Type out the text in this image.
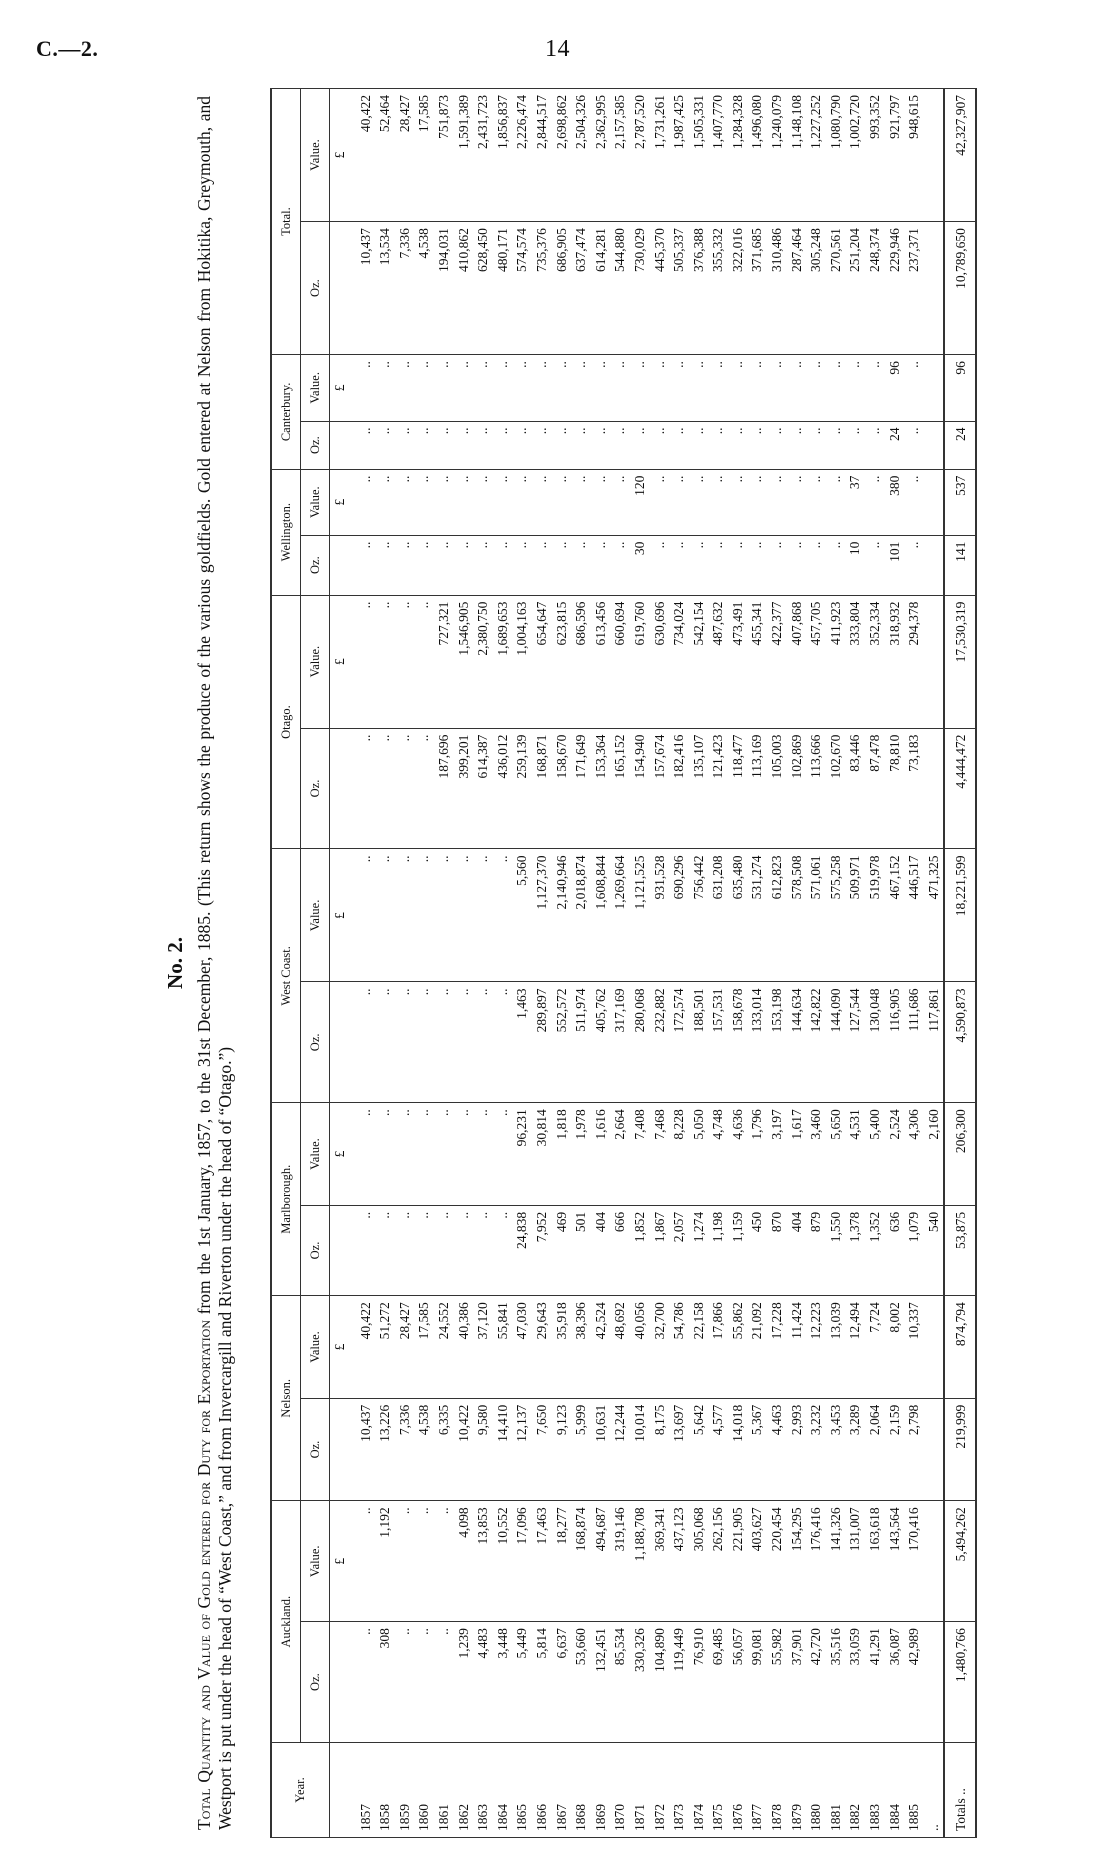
C.—2.	14
No. 2.
Total Quantity and Value of Gold entered for Duty for Exportation from the 1st January, 1857, to the 31st December, 1885. (This return shows the produce of the various goldfields. Gold entered at Nelson from Hokitika, Greymouth, and Westport is put under the head of “West Coast,” and from Invercargill and Riverton under the head of “Otago.”)	Year.	Auckland.		Nelson.		Marlborough.		West Coast.		Otago.		Wellington.		Canterbury.		Total.	
	Oz.	Value.	Oz.	Value.	Oz.	Value.	Oz.	Value.	Oz.	Value.	Oz.	Value.	Oz.	Value.	Oz.	Value.
		£		£		£		£		£		£		£		£
1857	..	..	10,437	40,422	..	..	..	..	..	..	..	..	..	..	10,437	40,422
1858	308	1,192	13,226	51,272	..	..	..	..	..	..	..	..	..	..	13,534	52,464
1859	..	..	7,336	28,427	..	..	..	..	..	..	..	..	..	..	7,336	28,427
1860	..	..	4,538	17,585	..	..	..	..	..	..	..	..	..	..	4,538	17,585
1861	..	..	6,335	24,552	..	..	..	..	187,696	727,321	..	..	..	..	194,031	751,873
1862	1,239	4,098	10,422	40,386	..	..	..	..	399,201	1,546,905	..	..	..	..	410,862	1,591,389
1863	4,483	13,853	9,580	37,120	..	..	..	..	614,387	2,380,750	..	..	..	..	628,450	2,431,723
1864	3,448	10,552	14,410	55,841	..	..	..	..	436,012	1,689,653	..	..	..	..	480,171	1,856,837
1865	5,449	17,096	12,137	47,030	24,838	96,231	1,463	5,560	259,139	1,004,163	..	..	..	..	574,574	2,226,474
1866	5,814	17,463	7,650	29,643	7,952	30,814	289,897	1,127,370	168,871	654,647	..	..	..	..	735,376	2,844,517
1867	6,637	18,277	9,123	35,918	469	1,818	552,572	2,140,946	158,670	623,815	..	..	..	..	686,905	2,698,862
1868	53,660	168,874	5,999	38,396	501	1,978	511,974	2,018,874	171,649	686,596	..	..	..	..	637,474	2,504,326
1869	132,451	494,687	10,631	42,524	404	1,616	405,762	1,608,844	153,364	613,456	..	..	..	..	614,281	2,362,995
1870	85,534	319,146	12,244	48,692	666	2,664	317,169	1,269,664	165,152	660,694	..	..	..	..	544,880	2,157,585
1871	330,326	1,188,708	10,014	40,056	1,852	7,408	280,068	1,121,525	154,940	619,760	30	120	..	..	730,029	2,787,520
1872	104,890	369,341	8,175	32,700	1,867	7,468	232,882	931,528	157,674	630,696	..	..	..	..	445,370	1,731,261
1873	119,449	437,123	13,697	54,786	2,057	8,228	172,574	690,296	182,416	734,024	..	..	..	..	505,337	1,987,425
1874	76,910	305,068	5,642	22,158	1,274	5,050	188,501	756,442	135,107	542,154	..	..	..	..	376,388	1,505,331
1875	69,485	262,156	4,577	17,866	1,198	4,748	157,531	631,208	121,423	487,632	..	..	..	..	355,332	1,407,770
1876	56,057	221,905	14,018	55,862	1,159	4,636	158,678	635,480	118,477	473,491	..	..	..	..	322,016	1,284,328
1877	99,081	403,627	5,367	21,092	450	1,796	133,014	531,274	113,169	455,341	..	..	..	..	371,685	1,496,080
1878	55,982	220,454	4,463	17,228	870	3,197	153,198	612,823	105,003	422,377	..	..	..	..	310,486	1,240,079
1879	37,901	154,295	2,993	11,424	404	1,617	144,634	578,508	102,869	407,868	..	..	..	..	287,464	1,148,108
1880	42,720	176,416	3,232	12,223	879	3,460	142,822	571,061	113,666	457,705	..	..	..	..	305,248	1,227,252
1881	35,516	141,326	3,453	13,039	1,550	5,650	144,090	575,258	102,670	411,923	..	..	..	..	270,561	1,080,790
1882	33,059	131,007	3,289	12,494	1,378	4,531	127,544	509,971	83,446	333,804	10	37	..	..	251,204	1,002,720
1883	41,291	163,618	2,064	7,724	1,352	5,400	130,048	519,978	87,478	352,334	..	..	..	..	248,374	993,352
1884	36,087	143,564	2,159	8,002	636	2,524	116,905	467,152	78,810	318,932	101	380	24	96	229,946	921,797
1885	42,989	170,416	2,798	10,337	1,079	4,306	111,686	446,517	73,183	294,378	..	..	..	..	237,371	948,615
..					540	2,160	117,861	471,325								
Totals ..	1,480,766	5,494,262	219,999	874,794	53,875	206,300	4,590,873	18,221,599	4,444,472	17,530,319	141	537	24	96	10,789,650	42,327,907
